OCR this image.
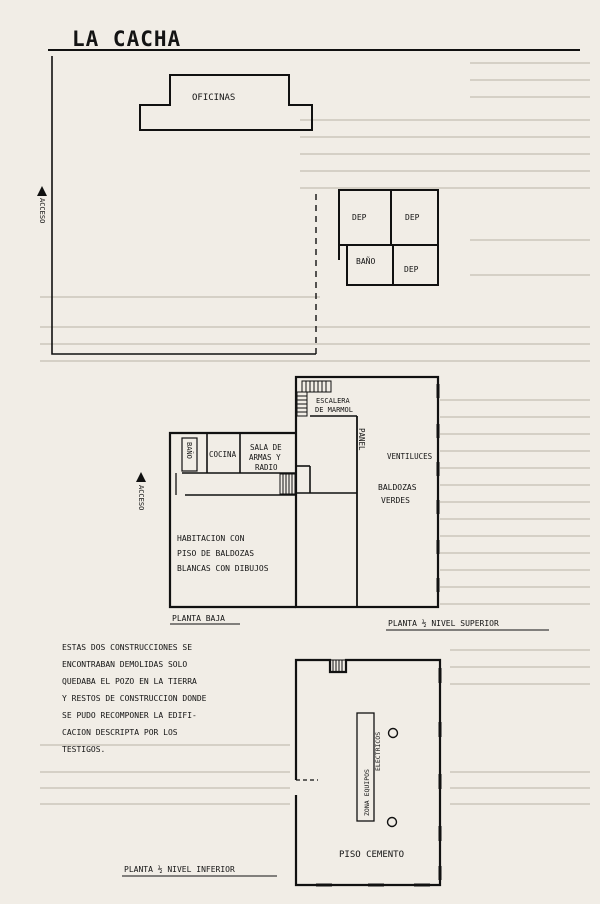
LA CACHA
OFICINAS
DEP	DEP
BAÑO
DEP
ACCESO
BAÑO COCINA
SALA DE
ARMAS Y
RADIO
HABITACION CON
PISO DE BALDOZAS
BLANCAS CON DIBUJOS
ESCALERA
DE MARMOL
PANEL
VENTILUCES
BALDOZAS
VERDES
ACCESO
PLANTA BAJA
PLANTA ½ NIVEL SUPERIOR
ESTAS DOS CONSTRUCCIONES SE
ENCONTRABAN DEMOLIDAS SOLO
QUEDABA EL POZO EN LA TIERRA
Y RESTOS DE CONSTRUCCION DONDE
SE PUDO RECOMPONER LA EDIFI-
CACION DESCRIPTA POR LOS
TESTIGOS.
ZONA EQUIPOS
ELECTRICOS
PISO CEMENTO
PLANTA ½ NIVEL INFERIOR
